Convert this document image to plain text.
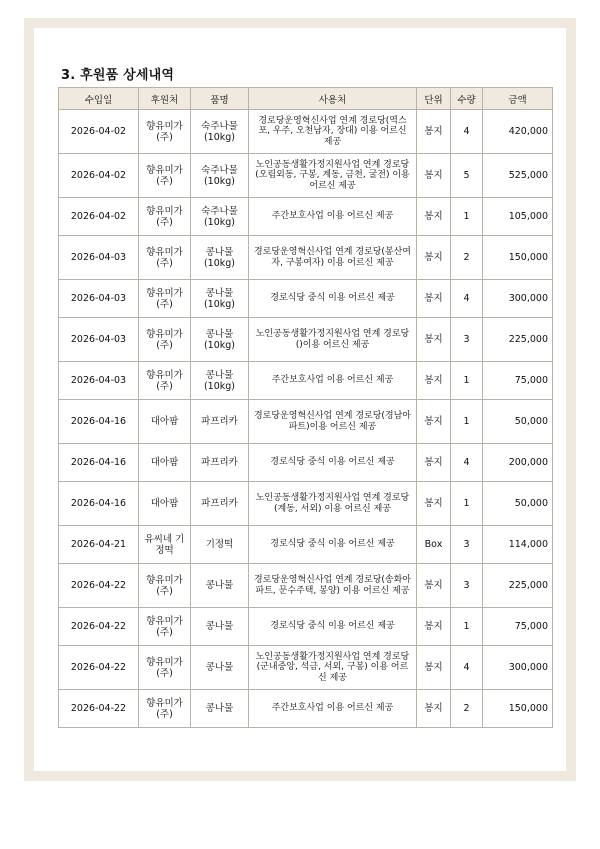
3. 후원품 상세내역
수입일	후원처	품명	사용처	단위	수량	금액
2026-04-02	향유미가(주)	숙주나물(10kg)	경로당운영혁신사업 연계 경로당(역스포, 우주, 오천남자, 장대) 이용 어르신 제공	봉지	4	420,000
2026-04-02	향유미가(주)	숙주나물(10kg)	노인공동생활가정지원사업 연계 경로당(오림외동, 구봉, 계동, 금천, 굴전) 이용 어르신 제공	봉지	5	525,000
2026-04-02	향유미가(주)	숙주나물(10kg)	주간보호사업 이용 어르신 제공	봉지	1	105,000
2026-04-03	향유미가(주)	콩나물(10kg)	경로당운영혁신사업 연계 경로당(봉산여자, 구봉여자) 이용 어르신 제공	봉지	2	150,000
2026-04-03	향유미가(주)	콩나물(10kg)	경로식당 중식 이용 어르신 제공	봉지	4	300,000
2026-04-03	향유미가(주)	콩나물(10kg)	노인공동생활가정지원사업 연계 경로당()이용 어르신 제공	봉지	3	225,000
2026-04-03	향유미가(주)	콩나물(10kg)	주간보호사업 이용 어르신 제공	봉지	1	75,000
2026-04-16	대아팜	파프리카	경로당운영혁신사업 연계 경로당(경남아파트)이용 어르신 제공	봉지	1	50,000
2026-04-16	대아팜	파프리카	경로식당 중식 이용 어르신 제공	봉지	4	200,000
2026-04-16	대아팜	파프리카	노인공동생활가정지원사업 연계 경로당(계동, 서외) 이용 어르신 제공	봉지	1	50,000
2026-04-21	유씨네 기정떡	기정떡	경로식당 중식 이용 어르신 제공	Box	3	114,000
2026-04-22	향유미가(주)	콩나물	경로당운영혁신사업 연계 경로당(송화아파트, 문수주택, 봉양) 이용 어르신 제공	봉지	3	225,000
2026-04-22	향유미가(주)	콩나물	경로식당 중식 이용 어르신 제공	봉지	1	75,000
2026-04-22	향유미가(주)	콩나물	노인공동생활가정지원사업 연계 경로당(군내중앙, 석금, 서외, 구봉) 이용 어르신 제공	봉지	4	300,000
2026-04-22	향유미가(주)	콩나물	주간보호사업 이용 어르신 제공	봉지	2	150,000
